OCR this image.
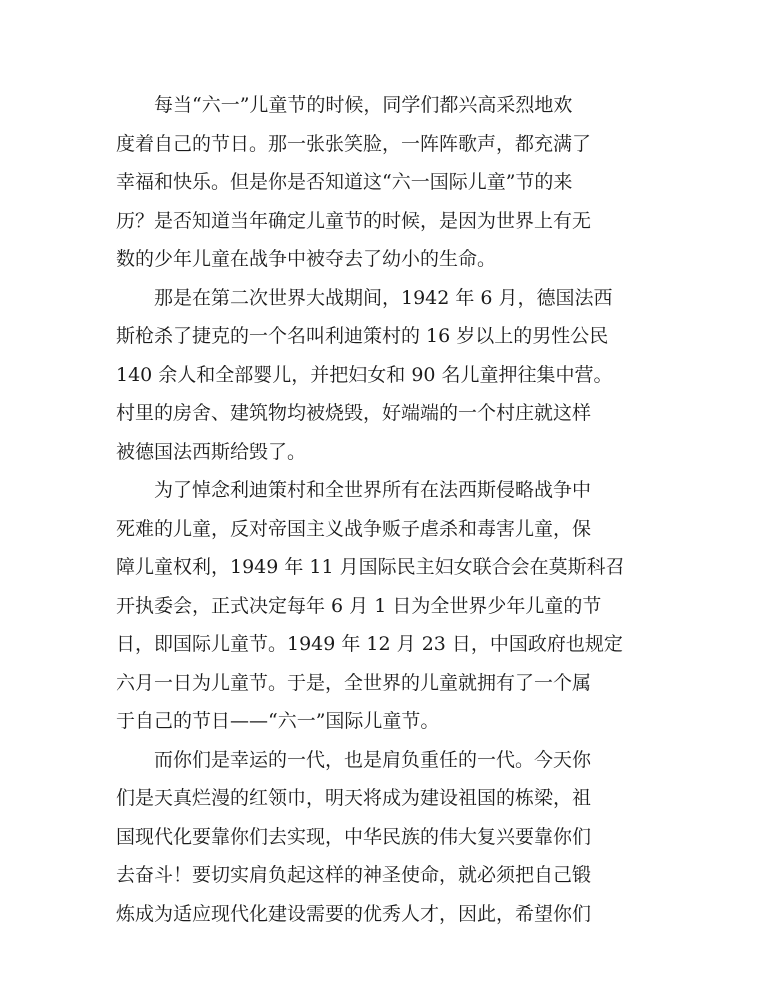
每当“六一”儿童节的时候，同学们都兴高采烈地欢
度着自己的节日。那一张张笑脸，一阵阵歌声，都充满了
幸福和快乐。但是你是否知道这“六一国际儿童”节的来
历？是否知道当年确定儿童节的时候，是因为世界上有无
数的少年儿童在战争中被夺去了幼小的生命。
那是在第二次世界大战期间，1942 年 6 月，德国法西
斯枪杀了捷克的一个名叫利迪策村的 16 岁以上的男性公民
140 余人和全部婴儿，并把妇女和 90 名儿童押往集中营。
村里的房舍、建筑物均被烧毁，好端端的一个村庄就这样
被德国法西斯给毁了。
为了悼念利迪策村和全世界所有在法西斯侵略战争中
死难的儿童，反对帝国主义战争贩子虐杀和毒害儿童，保
障儿童权利，1949 年 11 月国际民主妇女联合会在莫斯科召
开执委会，正式决定每年 6 月 1 日为全世界少年儿童的节
日，即国际儿童节。1949 年 12 月 23 日，中国政府也规定
六月一日为儿童节。于是，全世界的儿童就拥有了一个属
于自己的节日——“六一”国际儿童节。
而你们是幸运的一代，也是肩负重任的一代。今天你
们是天真烂漫的红领巾，明天将成为建设祖国的栋梁，祖
国现代化要靠你们去实现，中华民族的伟大复兴要靠你们
去奋斗！要切实肩负起这样的神圣使命，就必须把自己锻
炼成为适应现代化建设需要的优秀人才，因此，希望你们
